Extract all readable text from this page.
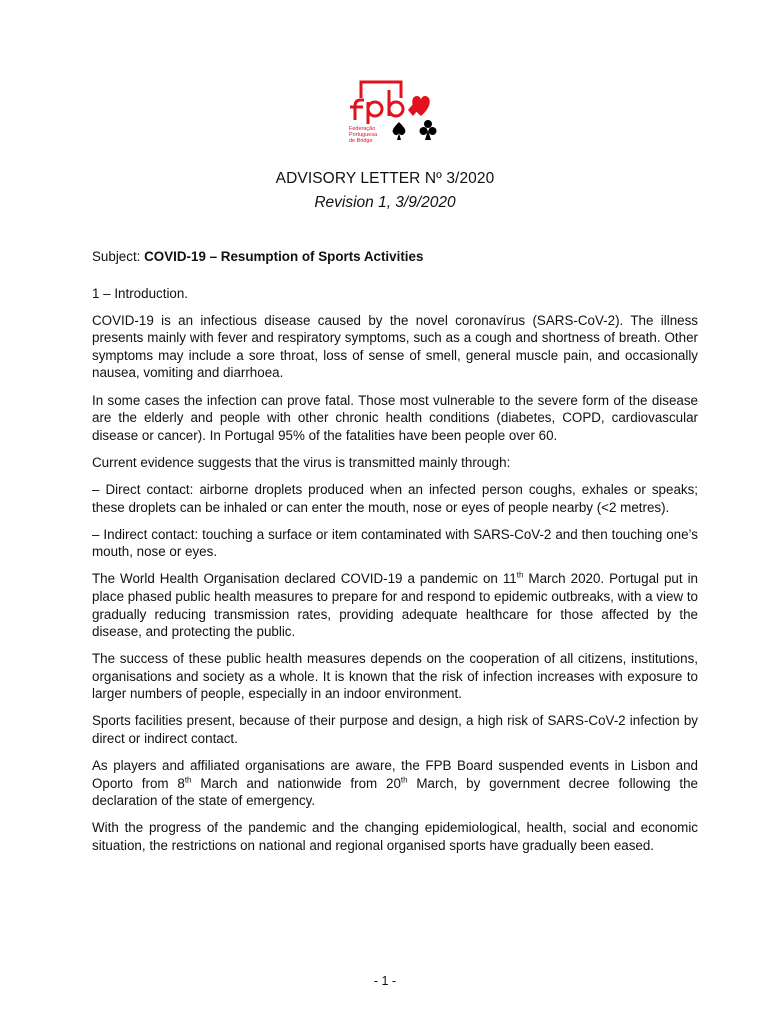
Federação
Portuguesa
de Bridge
ADVISORY LETTER Nº 3/2020
Revision 1, 3/9/2020

Subject: COVID-19 – Resumption of Sports Activities

1 – Introduction.

COVID-19 is an infectious disease caused by the novel coronavírus (SARS-CoV-2). The illness presents mainly with fever and respiratory symptoms, such as a cough and shortness of breath. Other symptoms may include a sore throat, loss of sense of smell, general muscle pain, and occasionally nausea, vomiting and diarrhoea.

In some cases the infection can prove fatal. Those most vulnerable to the severe form of the disease are the elderly and people with other chronic health conditions (diabetes, COPD, cardiovascular disease or cancer). In Portugal 95% of the fatalities have been people over 60.

Current evidence suggests that the virus is transmitted mainly through:

– Direct contact: airborne droplets produced when an infected person coughs, exhales or speaks; these droplets can be inhaled or can enter the mouth, nose or eyes of people nearby (<2 metres).

– Indirect contact: touching a surface or item contaminated with SARS-CoV-2 and then touching one’s mouth, nose or eyes.

The World Health Organisation declared COVID-19 a pandemic on 11th March 2020. Portugal put in place phased public health measures to prepare for and respond to epidemic outbreaks, with a view to gradually reducing transmission rates, providing adequate healthcare for those affected by the disease, and protecting the public.

The success of these public health measures depends on the cooperation of all citizens, institutions, organisations and society as a whole. It is known that the risk of infection increases with exposure to larger numbers of people, especially in an indoor environment.

Sports facilities present, because of their purpose and design, a high risk of SARS-CoV-2 infection by direct or indirect contact.

As players and affiliated organisations are aware, the FPB Board suspended events in Lisbon and Oporto from 8th March and nationwide from 20th March, by government decree following the declaration of the state of emergency.

With the progress of the pandemic and the changing epidemiological, health, social and economic situation, the restrictions on national and regional organised sports have gradually been eased.

- 1 -
